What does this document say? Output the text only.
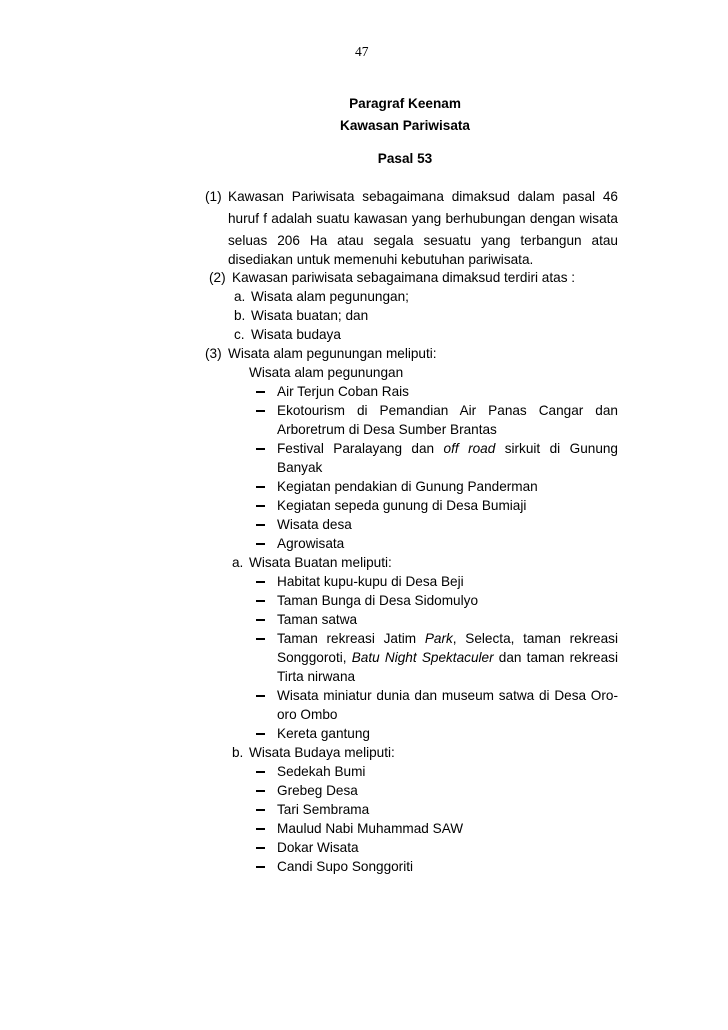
47
Paragraf Keenam
Kawasan Pariwisata
Pasal 53
(1) Kawasan Pariwisata sebagaimana dimaksud dalam pasal 46
huruf f adalah suatu kawasan yang berhubungan dengan wisata
seluas 206 Ha atau segala sesuatu yang terbangun atau
disediakan untuk memenuhi kebutuhan pariwisata.
(2) Kawasan pariwisata sebagaimana dimaksud terdiri atas :
a. Wisata alam pegunungan;
b. Wisata buatan; dan
c. Wisata budaya
(3) Wisata alam pegunungan meliputi:
Wisata alam pegunungan
Air Terjun Coban Rais
Ekotourism di Pemandian Air Panas Cangar dan
Arboretrum di Desa Sumber Brantas
Festival Paralayang dan off road sirkuit di Gunung
Banyak
Kegiatan pendakian di Gunung Panderman
Kegiatan sepeda gunung di Desa Bumiaji
Wisata desa
Agrowisata
a. Wisata Buatan meliputi:
Habitat kupu-kupu di Desa Beji
Taman Bunga di Desa Sidomulyo
Taman satwa
Taman rekreasi Jatim Park, Selecta, taman rekreasi
Songgoroti, Batu Night Spektaculer dan taman rekreasi
Tirta nirwana
Wisata miniatur dunia dan museum satwa di Desa Oro-
oro Ombo
Kereta gantung
b. Wisata Budaya meliputi:
Sedekah Bumi
Grebeg Desa
Tari Sembrama
Maulud Nabi Muhammad SAW
Dokar Wisata
Candi Supo Songgoriti
